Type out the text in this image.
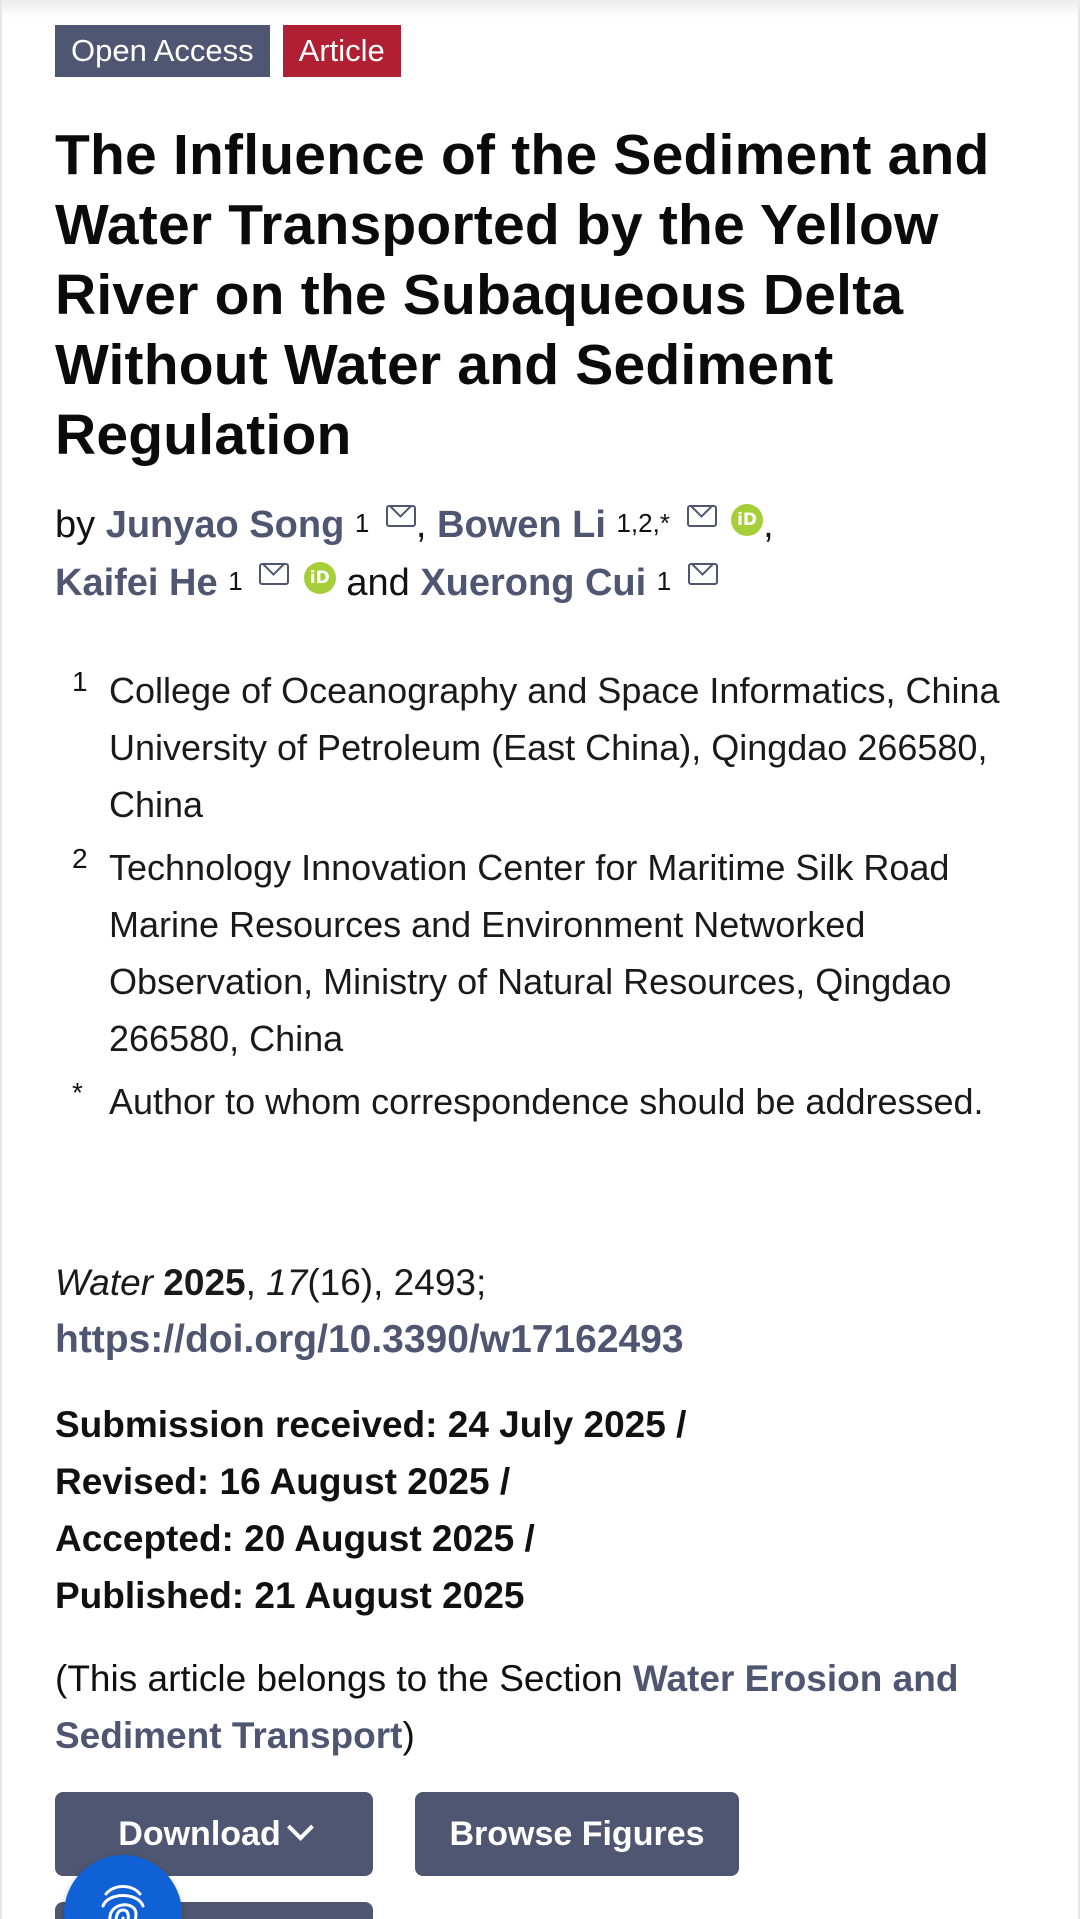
Open Access	Article
The Influence of the Sediment and Water Transported by the Yellow River on the Subaqueous Delta Without Water and Sediment Regulation
by Junyao Song $^1$ , Bowen Li $^{1,2,*}$	iD ,
Kaifei He $^1$	iD and Xuerong Cui $^1$
1 College of Oceanography and Space Informatics, China University of Petroleum (East China), Qingdao 266580, China
2 Technology Innovation Center for Maritime Silk Road Marine Resources and Environment Networked Observation, Ministry of Natural Resources, Qingdao 266580, China
* Author to whom correspondence should be addressed.
Water 2025, 17(16), 2493;
https://doi.org/10.3390/w17162493
Submission received: 24 July 2025 /
Revised: 16 August 2025 /
Accepted: 20 August 2025 /
Published: 21 August 2025
(This article belongs to the Section Water Erosion and Sediment Transport)
Download	Browse Figures
